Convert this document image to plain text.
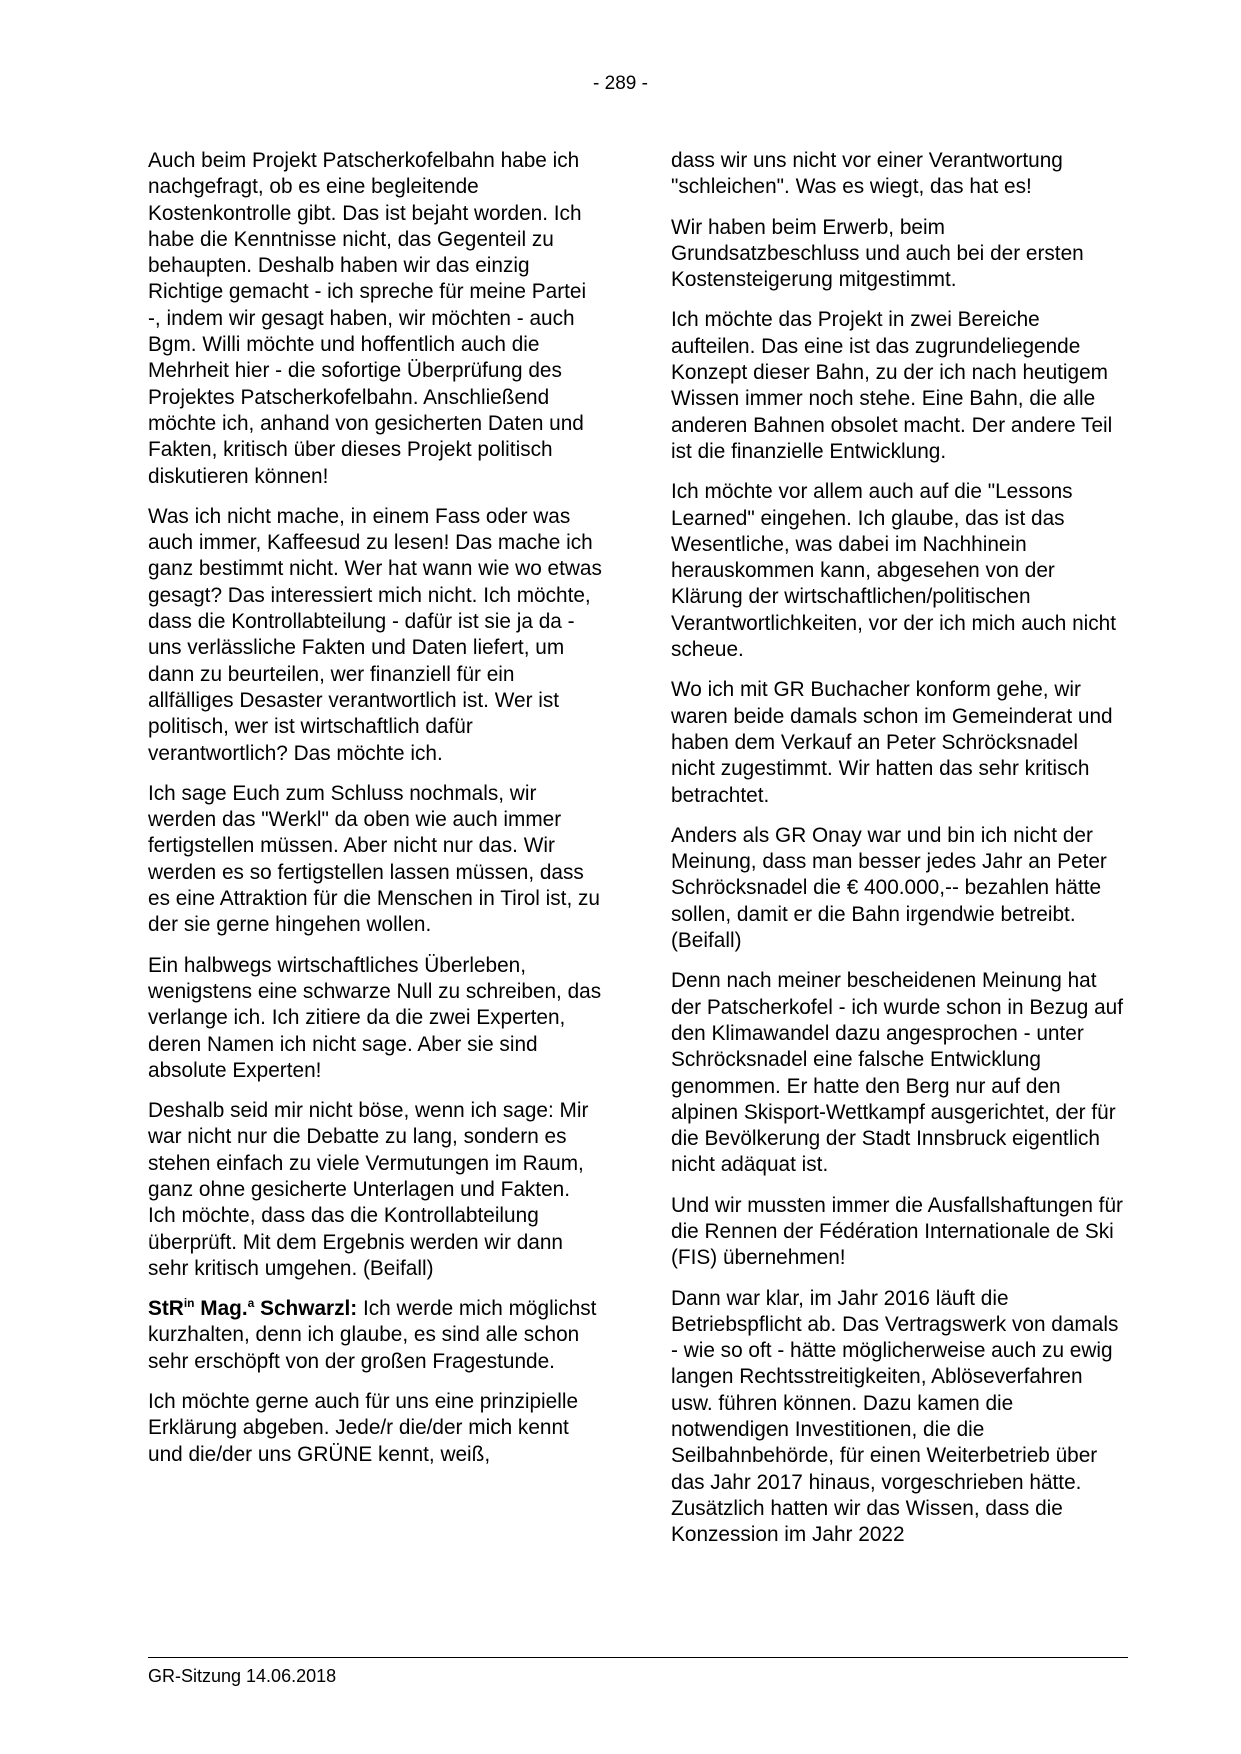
- 289 -

Auch beim Projekt Patscherkofelbahn habe ich nachgefragt, ob es eine begleitende Kostenkontrolle gibt. Das ist bejaht worden. Ich habe die Kenntnisse nicht, das Gegenteil zu behaupten. Deshalb haben wir das einzig Richtige gemacht - ich spreche für meine Partei -, indem wir gesagt haben, wir möchten - auch Bgm. Willi möchte und hoffentlich auch die Mehrheit hier - die sofortige Überprüfung des Projektes Patscherkofelbahn. Anschließend möchte ich, anhand von gesicherten Daten und Fakten, kritisch über dieses Projekt politisch diskutieren können!

Was ich nicht mache, in einem Fass oder was auch immer, Kaffeesud zu lesen! Das mache ich ganz bestimmt nicht. Wer hat wann wie wo etwas gesagt? Das interessiert mich nicht. Ich möchte, dass die Kontrollabteilung - dafür ist sie ja da - uns verlässliche Fakten und Daten liefert, um dann zu beurteilen, wer finanziell für ein allfälliges Desaster verantwortlich ist. Wer ist politisch, wer ist wirtschaftlich dafür verantwortlich? Das möchte ich.

Ich sage Euch zum Schluss nochmals, wir werden das "Werkl" da oben wie auch immer fertigstellen müssen. Aber nicht nur das. Wir werden es so fertigstellen lassen müssen, dass es eine Attraktion für die Menschen in Tirol ist, zu der sie gerne hingehen wollen.

Ein halbwegs wirtschaftliches Überleben, wenigstens eine schwarze Null zu schreiben, das verlange ich. Ich zitiere da die zwei Experten, deren Namen ich nicht sage. Aber sie sind absolute Experten!

Deshalb seid mir nicht böse, wenn ich sage: Mir war nicht nur die Debatte zu lang, sondern es stehen einfach zu viele Vermutungen im Raum, ganz ohne gesicherte Unterlagen und Fakten. Ich möchte, dass das die Kontrollabteilung überprüft. Mit dem Ergebnis werden wir dann sehr kritisch umgehen. (Beifall)

StR$^{in}$ Mag.$^a$ Schwarzl: Ich werde mich möglichst kurzhalten, denn ich glaube, es sind alle schon sehr erschöpft von der großen Fragestunde.

Ich möchte gerne auch für uns eine prinzipielle Erklärung abgeben. Jede/r die/der mich kennt und die/der uns GRÜNE kennt, weiß,

dass wir uns nicht vor einer Verantwortung "schleichen". Was es wiegt, das hat es!

Wir haben beim Erwerb, beim Grundsatzbeschluss und auch bei der ersten Kostensteigerung mitgestimmt.

Ich möchte das Projekt in zwei Bereiche aufteilen. Das eine ist das zugrundeliegende Konzept dieser Bahn, zu der ich nach heutigem Wissen immer noch stehe. Eine Bahn, die alle anderen Bahnen obsolet macht. Der andere Teil ist die finanzielle Entwicklung.

Ich möchte vor allem auch auf die "Lessons Learned" eingehen. Ich glaube, das ist das Wesentliche, was dabei im Nachhinein herauskommen kann, abgesehen von der Klärung der wirtschaftlichen/politischen Verantwortlichkeiten, vor der ich mich auch nicht scheue.

Wo ich mit GR Buchacher konform gehe, wir waren beide damals schon im Gemeinderat und haben dem Verkauf an Peter Schröcksnadel nicht zugestimmt. Wir hatten das sehr kritisch betrachtet.

Anders als GR Onay war und bin ich nicht der Meinung, dass man besser jedes Jahr an Peter Schröcksnadel die € 400.000,-- bezahlen hätte sollen, damit er die Bahn irgendwie betreibt. (Beifall)

Denn nach meiner bescheidenen Meinung hat der Patscherkofel - ich wurde schon in Bezug auf den Klimawandel dazu angesprochen - unter Schröcksnadel eine falsche Entwicklung genommen. Er hatte den Berg nur auf den alpinen Skisport-Wettkampf ausgerichtet, der für die Bevölkerung der Stadt Innsbruck eigentlich nicht adäquat ist.

Und wir mussten immer die Ausfallshaftungen für die Rennen der Fédération Internationale de Ski (FIS) übernehmen!

Dann war klar, im Jahr 2016 läuft die Betriebspflicht ab. Das Vertragswerk von damals - wie so oft - hätte möglicherweise auch zu ewig langen Rechtsstreitigkeiten, Ablöseverfahren usw. führen können. Dazu kamen die notwendigen Investitionen, die die Seilbahnbehörde, für einen Weiterbetrieb über das Jahr 2017 hinaus, vorgeschrieben hätte. Zusätzlich hatten wir das Wissen, dass die Konzession im Jahr 2022

GR-Sitzung 14.06.2018
